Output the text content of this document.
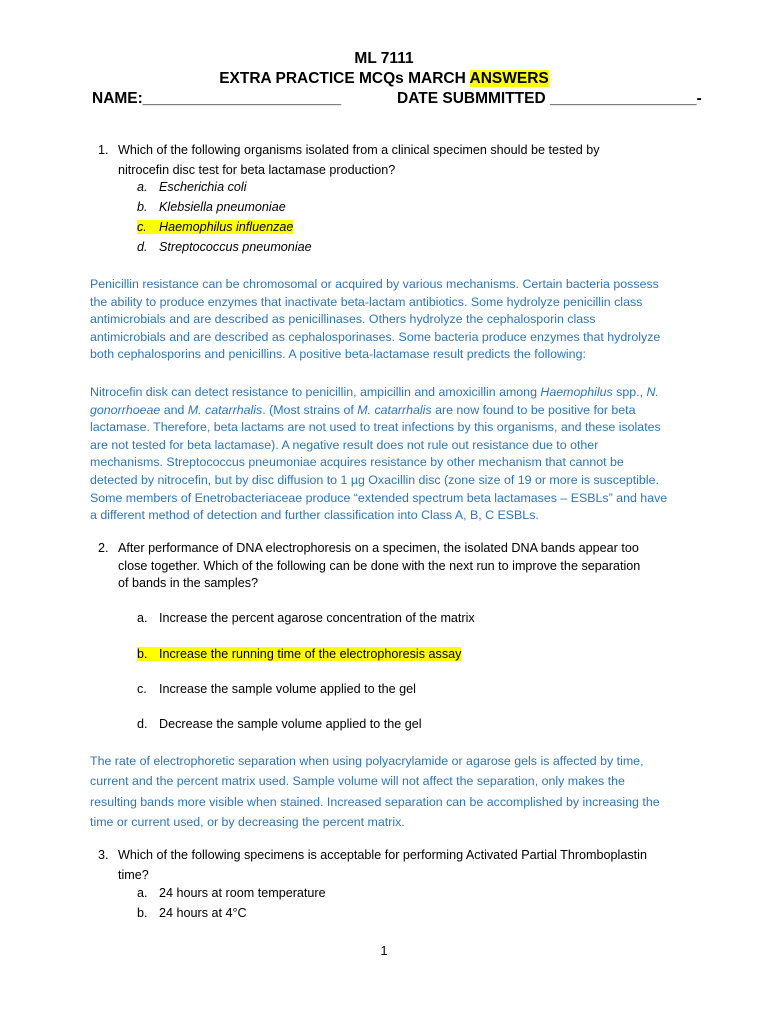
ML 7111
EXTRA PRACTICE MCQs MARCH ANSWERS
NAME:_______________________	DATE SUBMMITTED _________________-
1. Which of the following organisms isolated from a clinical specimen should be tested by
nitrocefin disc test for beta lactamase production?
a. Escherichia coli
b. Klebsiella pneumoniae
c. Haemophilus influenzae
d. Streptococcus pneumoniae
Penicillin resistance can be chromosomal or acquired by various mechanisms. Certain bacteria possess
the ability to produce enzymes that inactivate beta-lactam antibiotics. Some hydrolyze penicillin class
antimicrobials and are described as penicillinases. Others hydrolyze the cephalosporin class
antimicrobials and are described as cephalosporinases. Some bacteria produce enzymes that hydrolyze
both cephalosporins and penicillins. A positive beta-lactamase result predicts the following:
Nitrocefin disk can detect resistance to penicillin, ampicillin and amoxicillin among Haemophilus spp., N.
gonorrhoeae and M. catarrhalis. (Most strains of M. catarrhalis are now found to be positive for beta
lactamase. Therefore, beta lactams are not used to treat infections by this organisms, and these isolates
are not tested for beta lactamase). A negative result does not rule out resistance due to other
mechanisms. Streptococcus pneumoniae acquires resistance by other mechanism that cannot be
detected by nitrocefin, but by disc diffusion to 1 µg Oxacillin disc (zone size of 19 or more is susceptible.
Some members of Enetrobacteriaceae produce “extended spectrum beta lactamases – ESBLs” and have
a different method of detection and further classification into Class A, B, C ESBLs.
2. After performance of DNA electrophoresis on a specimen, the isolated DNA bands appear too
close together. Which of the following can be done with the next run to improve the separation
of bands in the samples?
a. Increase the percent agarose concentration of the matrix
b. Increase the running time of the electrophoresis assay
c. Increase the sample volume applied to the gel
d. Decrease the sample volume applied to the gel
The rate of electrophoretic separation when using polyacrylamide or agarose gels is affected by time,
current and the percent matrix used. Sample volume will not affect the separation, only makes the
resulting bands more visible when stained. Increased separation can be accomplished by increasing the
time or current used, or by decreasing the percent matrix.
3. Which of the following specimens is acceptable for performing Activated Partial Thromboplastin
time?
a. 24 hours at room temperature
b. 24 hours at 4°C
1
